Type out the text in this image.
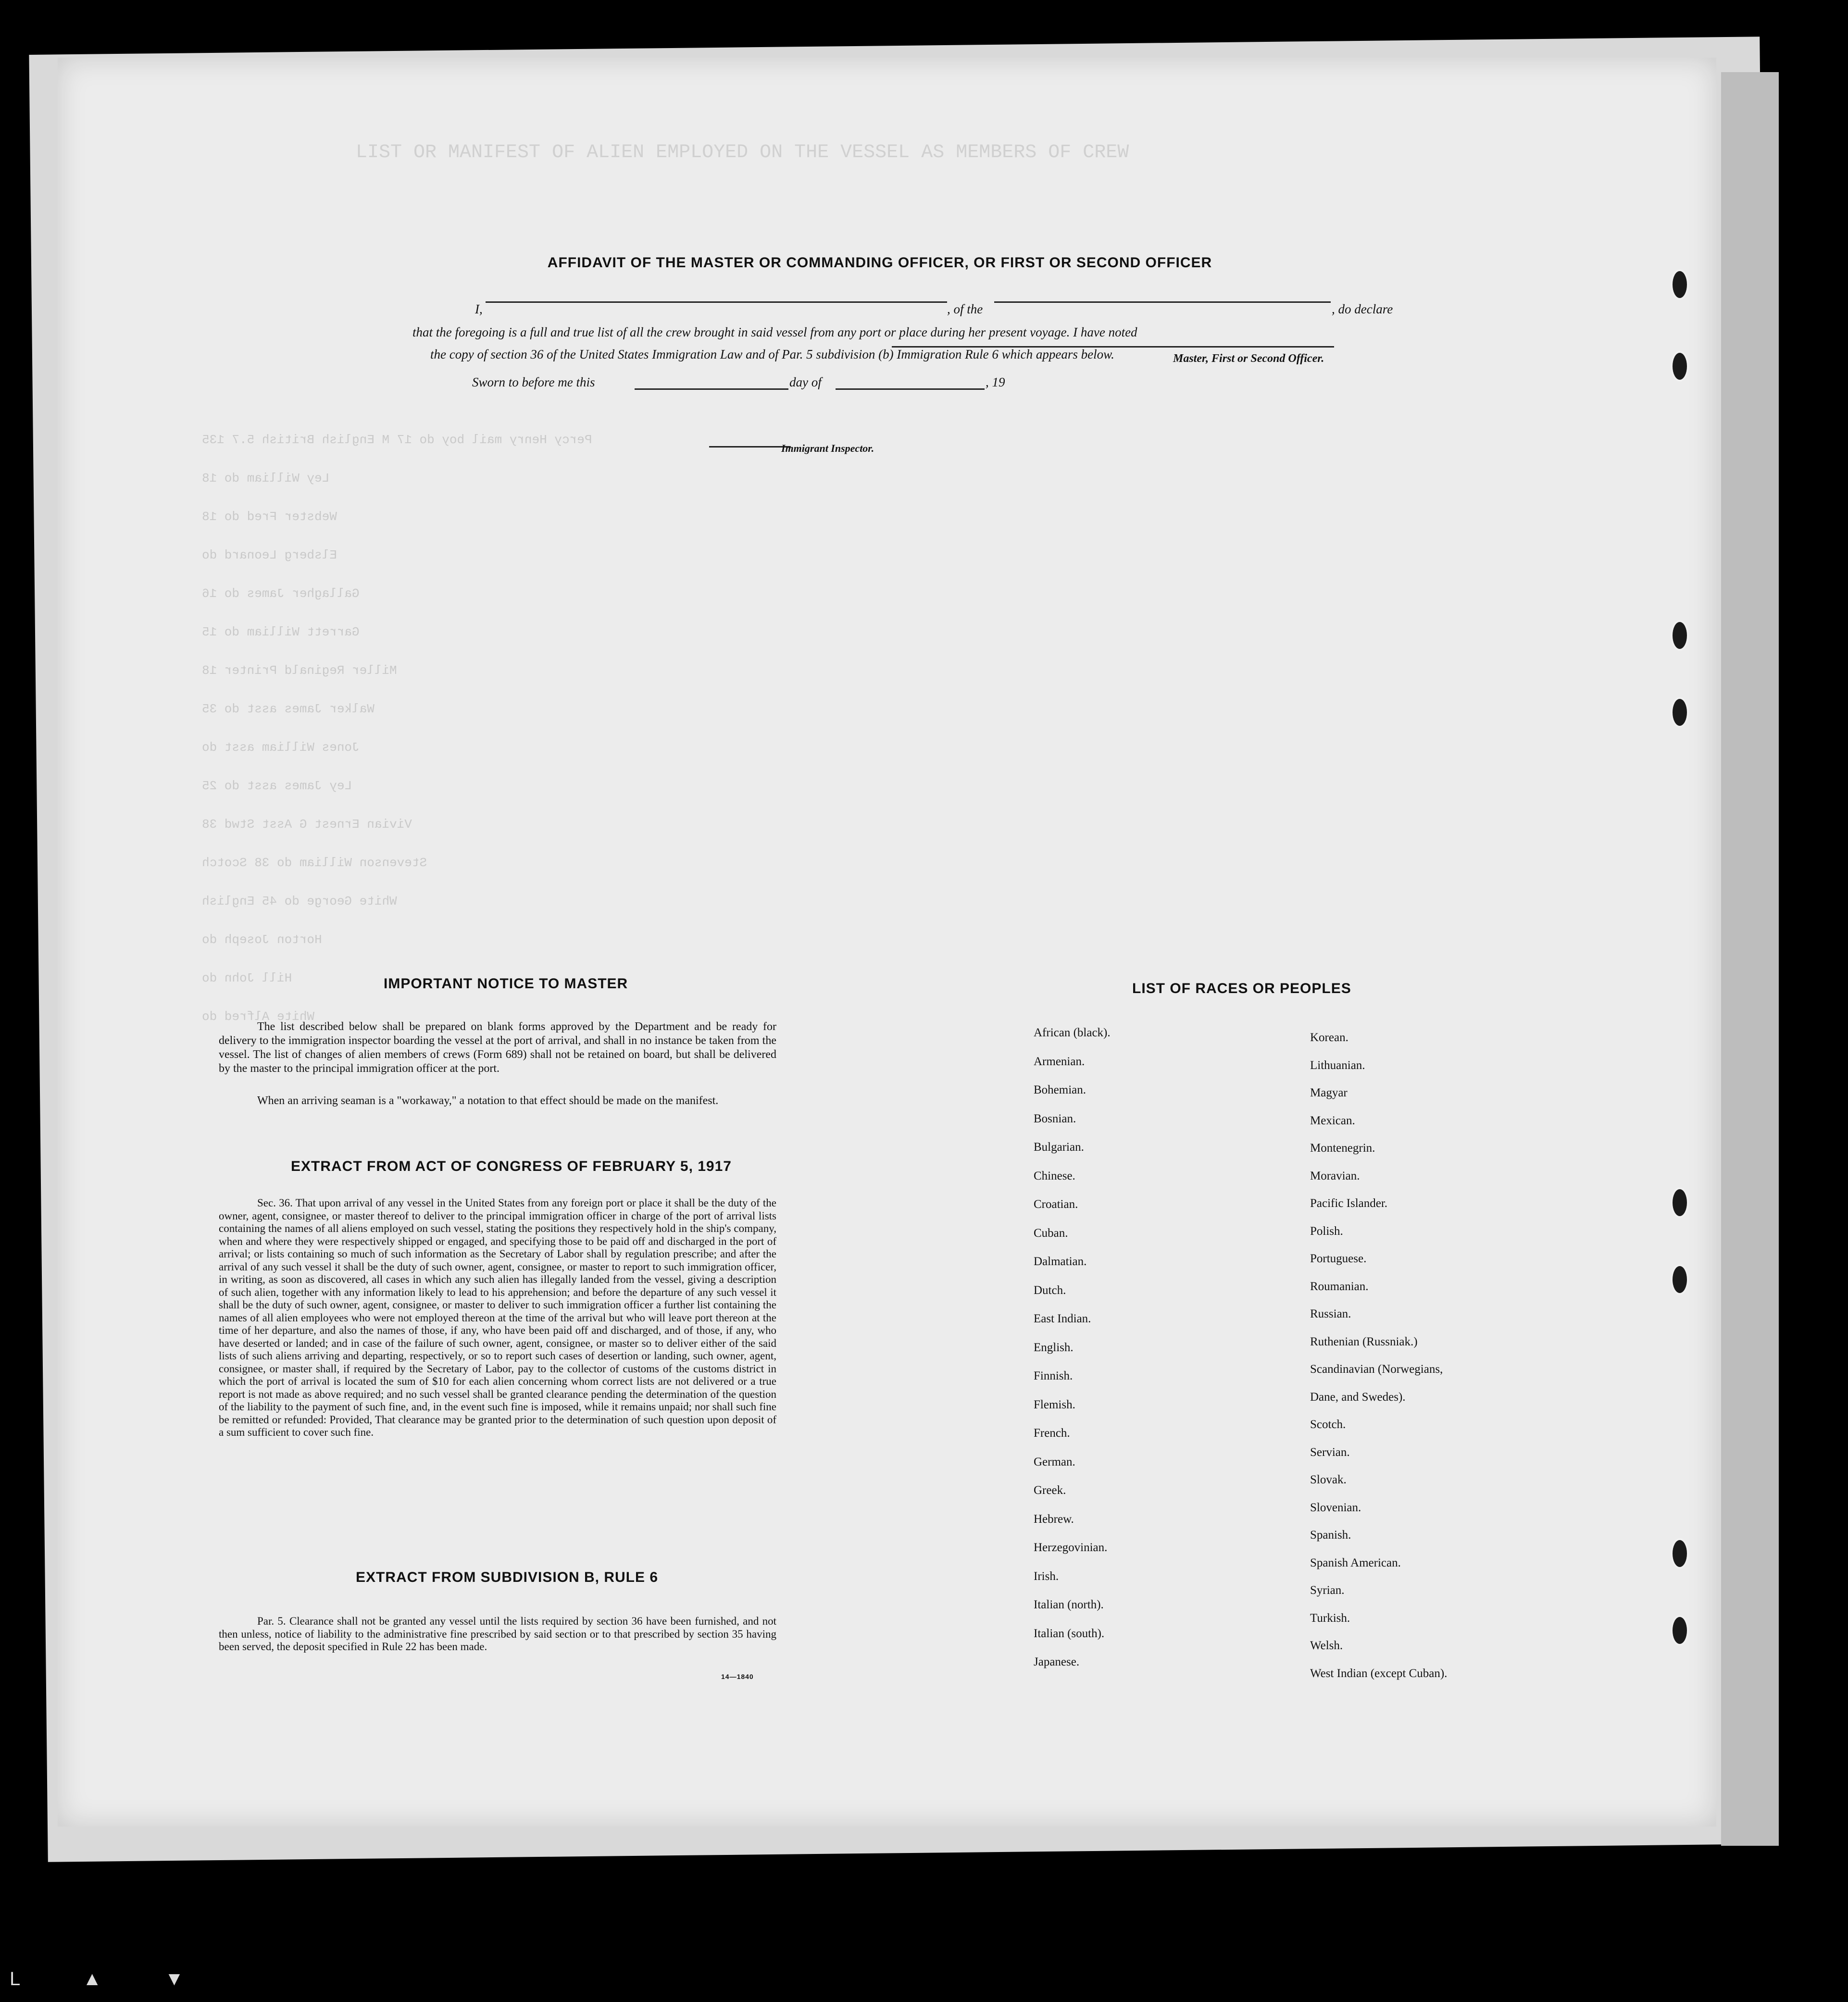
LIST OR MANIFEST OF ALIEN EMPLOYED ON THE VESSEL AS MEMBERS OF CREW
Percy Henry mail boy do 17 M English British 5.7 135
Ley William do 18
Webster Fred do 18
Elsberg Leonard do
Gallagher James do 16
Garrett William do 15
Miller Reginald Printer 18
Walker James asst do 35
Jones William asst do
Ley James asst do 25
Vivian Ernest G Asst Stwd 38
Stevenson William do 38 Scotch
White George do 45 English
Horton Joseph do
Hill John do
White Alfred do
AFFIDAVIT OF THE MASTER OR COMMANDING OFFICER, OR FIRST OR SECOND OFFICER
I,	, of the	, do declare
that the foregoing is a full and true list of all the crew brought in said vessel from any port or place during her present voyage. I have noted
the copy of section 36 of the United States Immigration Law and of Par. 5 subdivision (b) Immigration Rule 6 which appears below.	Master, First or Second Officer.
Sworn to before me this	day of	, 19
Immigrant Inspector.
IMPORTANT NOTICE TO MASTER
The list described below shall be prepared on blank forms approved by the Department and be ready for delivery to the immigration inspector boarding the vessel at the port of arrival, and shall in no instance be taken from the vessel. The list of changes of alien members of crews (Form 689) shall not be retained on board, but shall be delivered by the master to the principal immigration officer at the port.
When an arriving seaman is a "workaway," a notation to that effect should be made on the manifest.
EXTRACT FROM ACT OF CONGRESS OF FEBRUARY 5, 1917
Sec. 36. That upon arrival of any vessel in the United States from any foreign port or place it shall be the duty of the owner, agent, consignee, or master thereof to deliver to the principal immigration officer in charge of the port of arrival lists containing the names of all aliens employed on such vessel, stating the positions they respectively hold in the ship's company, when and where they were respectively shipped or engaged, and specifying those to be paid off and discharged in the port of arrival; or lists containing so much of such information as the Secretary of Labor shall by regulation prescribe; and after the arrival of any such vessel it shall be the duty of such owner, agent, consignee, or master to report to such immigration officer, in writing, as soon as discovered, all cases in which any such alien has illegally landed from the vessel, giving a description of such alien, together with any information likely to lead to his apprehension; and before the departure of any such vessel it shall be the duty of such owner, agent, consignee, or master to deliver to such immigration officer a further list containing the names of all alien employees who were not employed thereon at the time of the arrival but who will leave port thereon at the time of her departure, and also the names of those, if any, who have been paid off and discharged, and of those, if any, who have deserted or landed; and in case of the failure of such owner, agent, consignee, or master so to deliver either of the said lists of such aliens arriving and departing, respectively, or so to report such cases of desertion or landing, such owner, agent, consignee, or master shall, if required by the Secretary of Labor, pay to the collector of customs of the customs district in which the port of arrival is located the sum of $10 for each alien concerning whom correct lists are not delivered or a true report is not made as above required; and no such vessel shall be granted clearance pending the determination of the question of the liability to the payment of such fine, and, in the event such fine is imposed, while it remains unpaid; nor shall such fine be remitted or refunded: Provided, That clearance may be granted prior to the determination of such question upon deposit of a sum sufficient to cover such fine.
EXTRACT FROM SUBDIVISION B, RULE 6
Par. 5. Clearance shall not be granted any vessel until the lists required by section 36 have been furnished, and not then unless, notice of liability to the administrative fine prescribed by said section or to that prescribed by section 35 having been served, the deposit specified in Rule 22 has been made.
14—1840
LIST OF RACES OR PEOPLES
African (black).
Armenian.
Bohemian.
Bosnian.
Bulgarian.
Chinese.
Croatian.
Cuban.
Dalmatian.
Dutch.
East Indian.
English.
Finnish.
Flemish.
French.
German.
Greek.
Hebrew.
Herzegovinian.
Irish.
Italian (north).
Italian (south).
Japanese.
Korean.
Lithuanian.
Magyar
Mexican.
Montenegrin.
Moravian.
Pacific Islander.
Polish.
Portuguese.
Roumanian.
Russian.
Ruthenian (Russniak.)
Scandinavian (Norwegians,
Dane, and Swedes).
Scotch.
Servian.
Slovak.
Slovenian.
Spanish.
Spanish American.
Syrian.
Turkish.
Welsh.
West Indian (except Cuban).
L ▲ ▼
